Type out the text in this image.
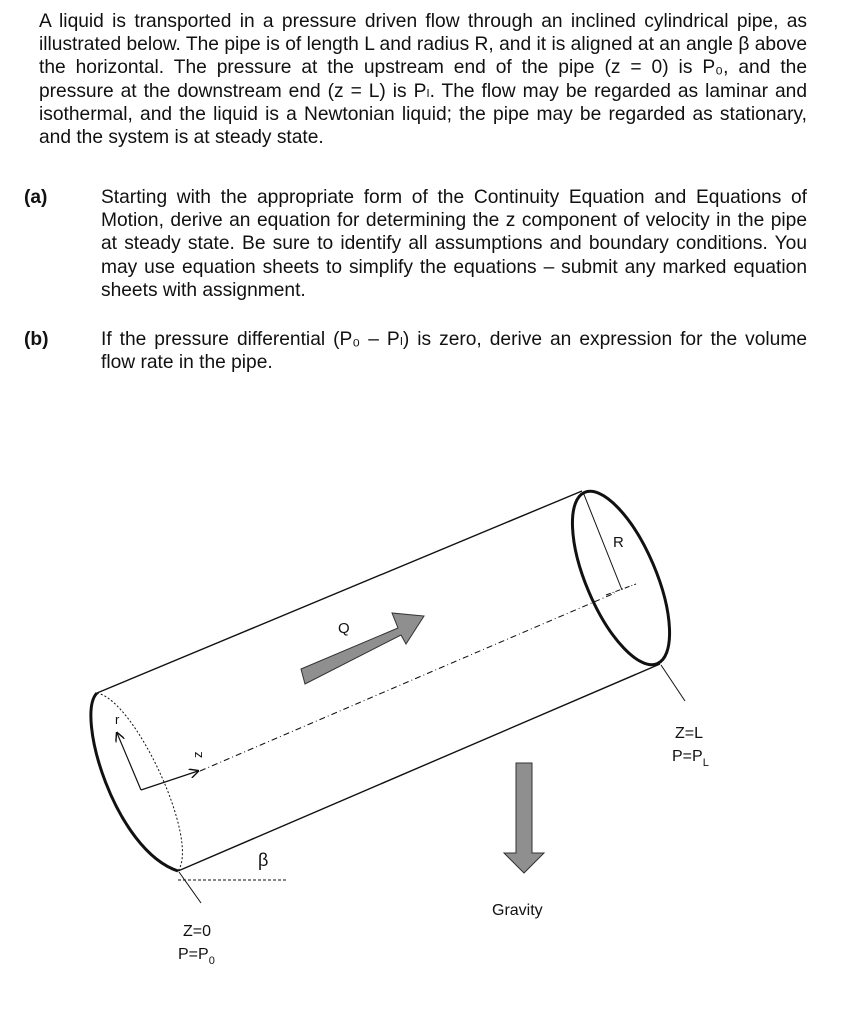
A liquid is transported in a pressure driven flow through an inclined cylindrical pipe, as illustrated below. The pipe is of length L and radius R, and it is aligned at an angle β above the horizontal. The pressure at the upstream end of the pipe (z = 0) is P₀, and the pressure at the downstream end (z = L) is Pₗ. The flow may be regarded as laminar and isothermal, and the liquid is a Newtonian liquid; the pipe may be regarded as stationary, and the system is at steady state.
(a)	Starting with the appropriate form of the Continuity Equation and Equations of Motion, derive an equation for determining the z component of velocity in the pipe at steady state. Be sure to identify all assumptions and boundary conditions. You may use equation sheets to simplify the equations – submit any marked equation sheets with assignment.
(b)	If the pressure differential (P₀ – Pₗ) is zero, derive an expression for the volume flow rate in the pipe.
r
z
β
Q
R
Gravity
Z=0
$P=P_0$
Z=L
$P=P_L$
